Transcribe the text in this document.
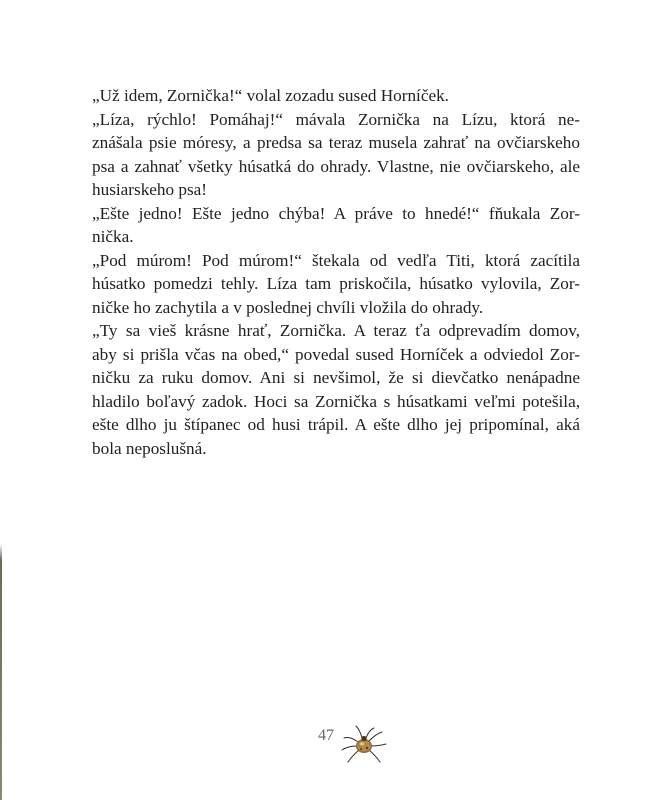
„Už idem, Zornička!“ volal zozadu sused Horníček.

„Líza, rýchlo! Pomáhaj!“ mávala Zornička na Lízu, ktorá ne-
znášala psie móresy, a predsa sa teraz musela zahrať na ovčiarskeho
psa a zahnať všetky húsatká do ohrady. Vlastne, nie ovčiarskeho, ale
husiarskeho psa!

„Ešte jedno! Ešte jedno chýba! A práve to hnedé!“ fňukala Zor-
nička.

„Pod múrom! Pod múrom!“ štekala od vedľa Titi, ktorá zacítila
húsatko pomedzi tehly. Líza tam priskočila, húsatko vylovila, Zor-
ničke ho zachytila a v poslednej chvíli vložila do ohrady.

„Ty sa vieš krásne hrať, Zornička. A teraz ťa odprevadím domov,
aby si prišla včas na obed,“ povedal sused Horníček a odviedol Zor-
ničku za ruku domov. Ani si nevšimol, že si dievčatko nenápadne
hladilo boľavý zadok. Hoci sa Zornička s húsatkami veľmi potešila,
ešte dlho ju štípanec od husi trápil. A ešte dlho jej pripomínal, aká
bola neposlušná.

47
